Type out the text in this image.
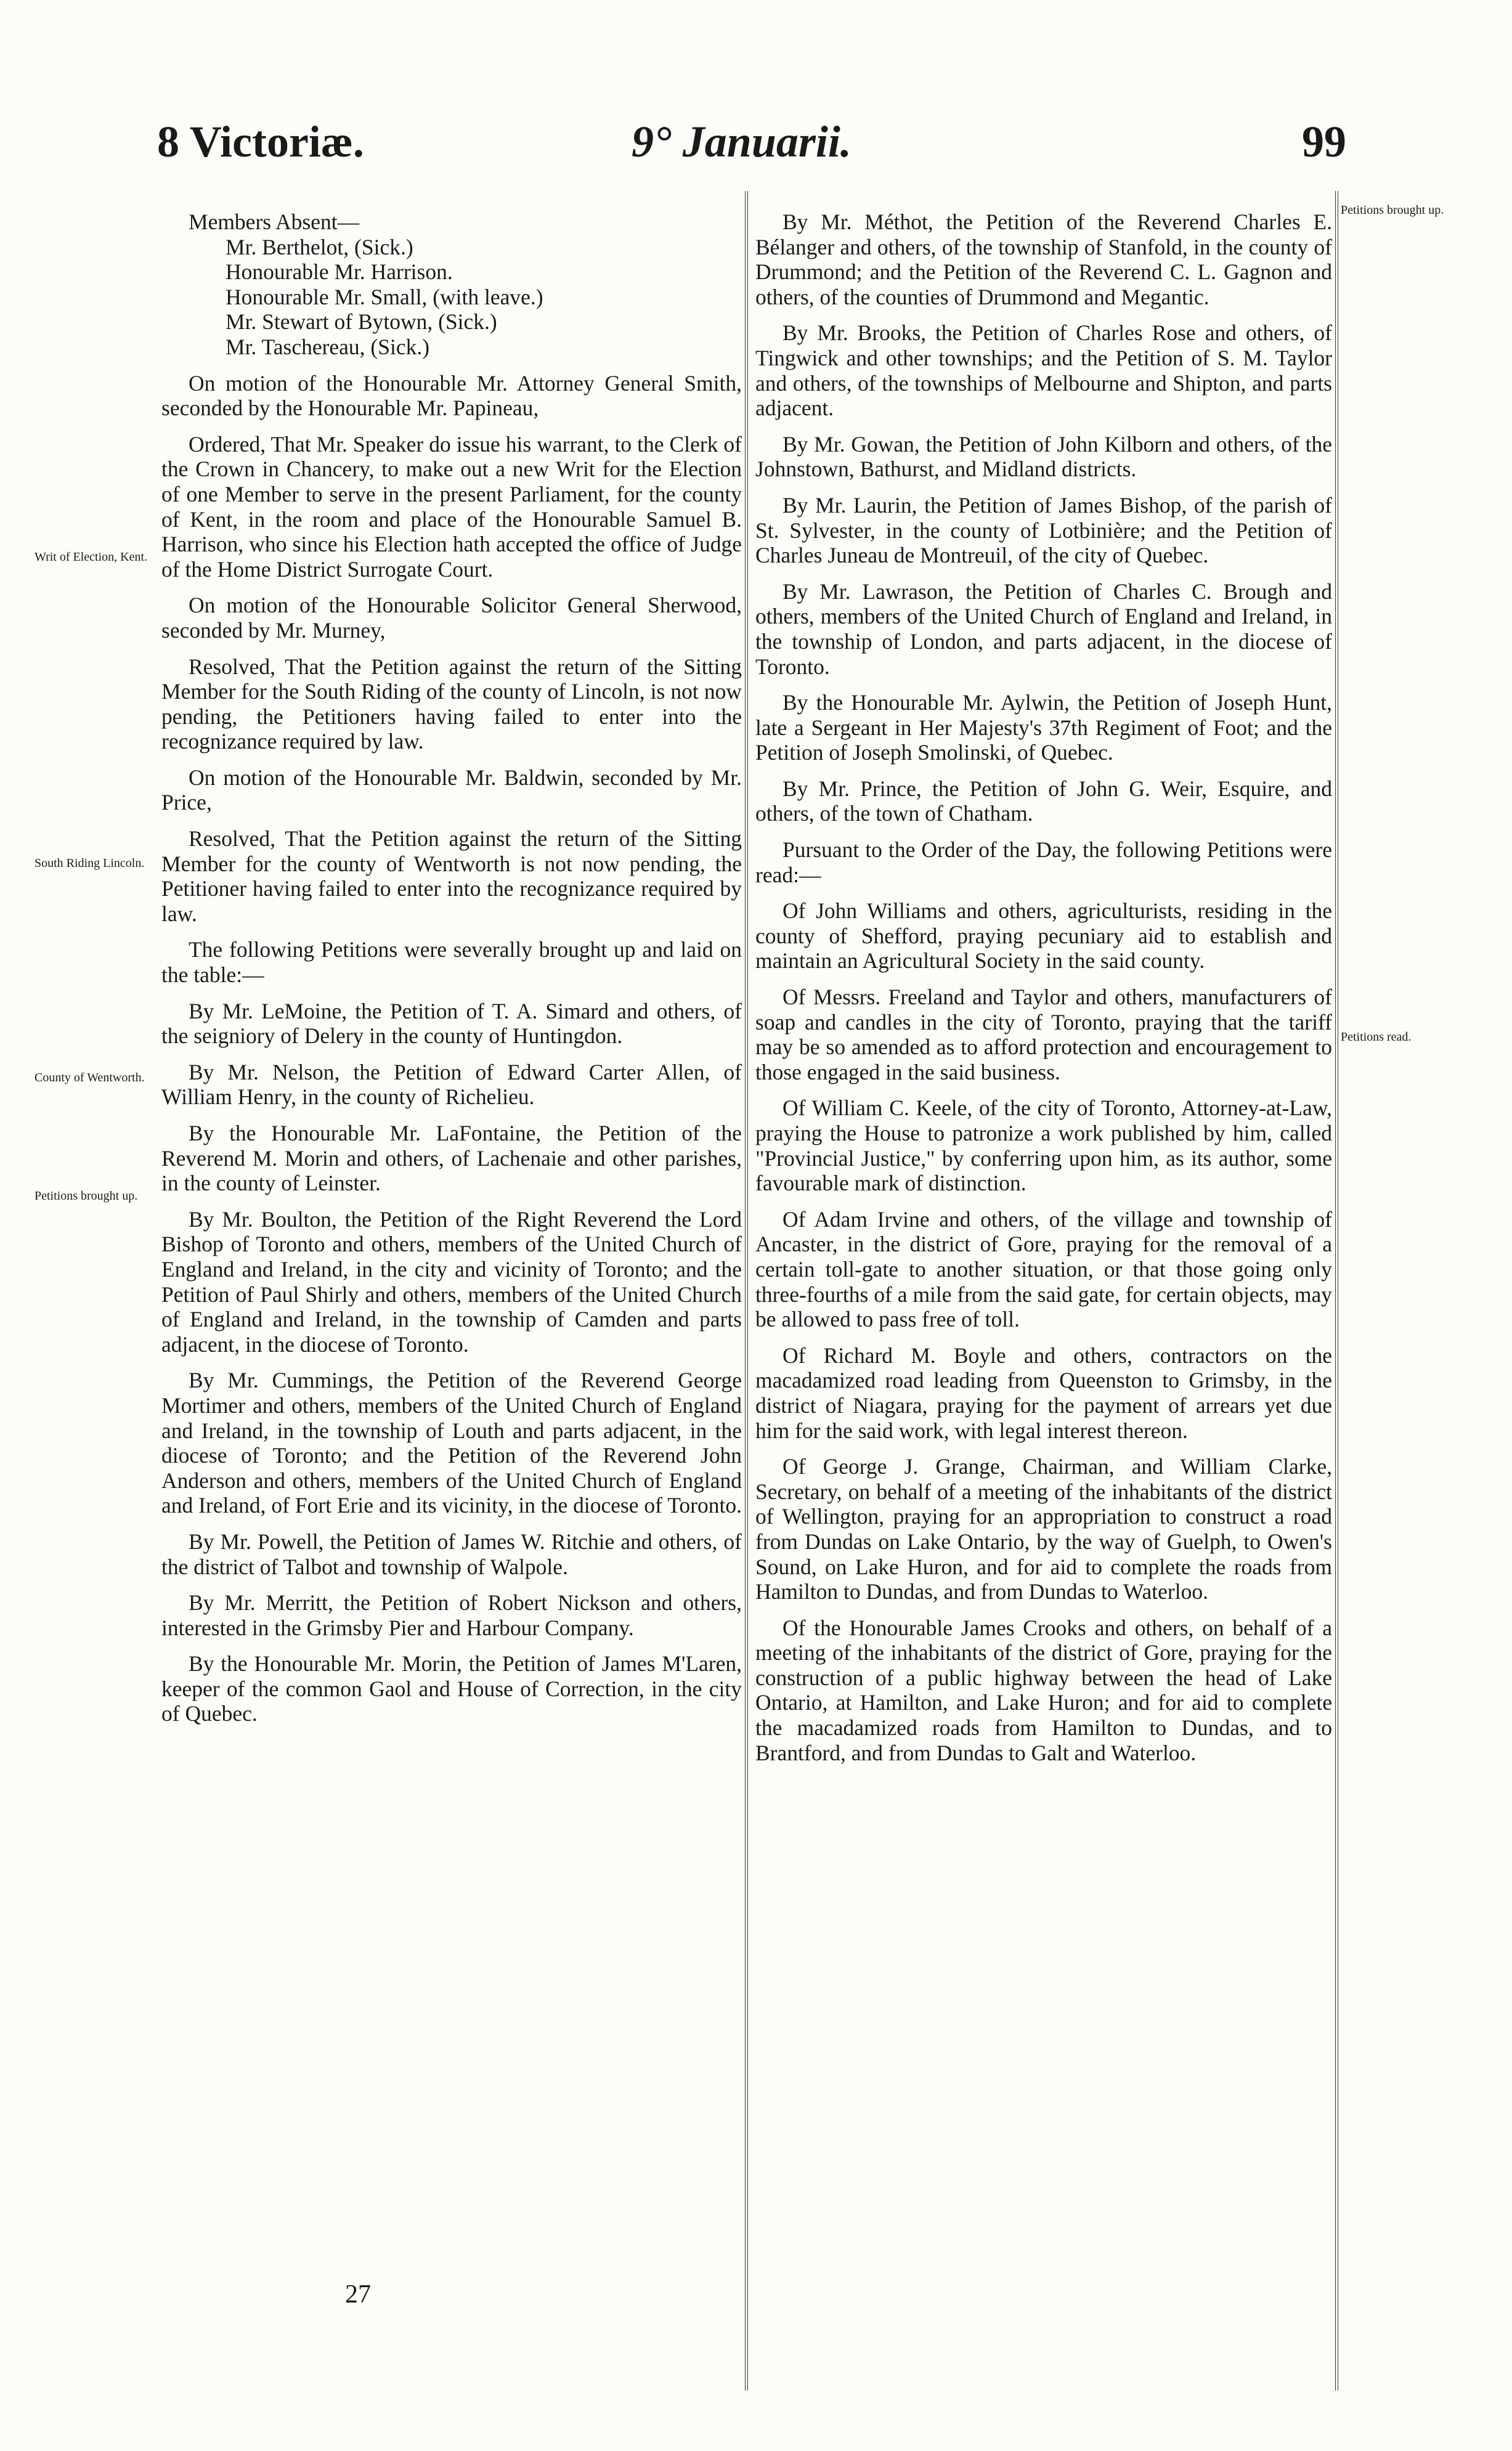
8 Victoriæ.	9° Januarii.	99
Writ of Election, Kent.
South Riding Lincoln.
County of Wentworth.
Petitions brought up.
Petitions brought up.
Petitions read.

Members Absent—

Mr. Berthelot, (Sick.)

Honourable Mr. Harrison.

Honourable Mr. Small, (with leave.)

Mr. Stewart of Bytown, (Sick.)

Mr. Taschereau, (Sick.)

On motion of the Honourable Mr. Attorney General Smith, seconded by the Honourable Mr. Papineau,

Ordered, That Mr. Speaker do issue his warrant, to the Clerk of the Crown in Chancery, to make out a new Writ for the Election of one Member to serve in the present Parliament, for the county of Kent, in the room and place of the Honourable Samuel B. Harrison, who since his Election hath accepted the office of Judge of the Home District Surrogate Court.

On motion of the Honourable Solicitor General Sherwood, seconded by Mr. Murney,

Resolved, That the Petition against the return of the Sitting Member for the South Riding of the county of Lincoln, is not now pending, the Petitioners having failed to enter into the recognizance required by law.

On motion of the Honourable Mr. Baldwin, seconded by Mr. Price,

Resolved, That the Petition against the return of the Sitting Member for the county of Wentworth is not now pending, the Petitioner having failed to enter into the recognizance required by law.

The following Petitions were severally brought up and laid on the table:—

By Mr. LeMoine, the Petition of T. A. Simard and others, of the seigniory of Delery in the county of Huntingdon.

By Mr. Nelson, the Petition of Edward Carter Allen, of William Henry, in the county of Richelieu.

By the Honourable Mr. LaFontaine, the Petition of the Reverend M. Morin and others, of Lachenaie and other parishes, in the county of Leinster.

By Mr. Boulton, the Petition of the Right Reverend the Lord Bishop of Toronto and others, members of the United Church of England and Ireland, in the city and vicinity of Toronto; and the Petition of Paul Shirly and others, members of the United Church of England and Ireland, in the township of Camden and parts adjacent, in the diocese of Toronto.

By Mr. Cummings, the Petition of the Reverend George Mortimer and others, members of the United Church of England and Ireland, in the township of Louth and parts adjacent, in the diocese of Toronto; and the Petition of the Reverend John Anderson and others, members of the United Church of England and Ireland, of Fort Erie and its vicinity, in the diocese of Toronto.

By Mr. Powell, the Petition of James W. Ritchie and others, of the district of Talbot and township of Walpole.

By Mr. Merritt, the Petition of Robert Nickson and others, interested in the Grimsby Pier and Harbour Company.

By the Honourable Mr. Morin, the Petition of James M'Laren, keeper of the common Gaol and House of Correction, in the city of Quebec.

By Mr. Méthot, the Petition of the Reverend Charles E. Bélanger and others, of the township of Stanfold, in the county of Drummond; and the Petition of the Reverend C. L. Gagnon and others, of the counties of Drummond and Megantic.

By Mr. Brooks, the Petition of Charles Rose and others, of Tingwick and other townships; and the Petition of S. M. Taylor and others, of the townships of Melbourne and Shipton, and parts adjacent.

By Mr. Gowan, the Petition of John Kilborn and others, of the Johnstown, Bathurst, and Midland districts.

By Mr. Laurin, the Petition of James Bishop, of the parish of St. Sylvester, in the county of Lotbinière; and the Petition of Charles Juneau de Montreuil, of the city of Quebec.

By Mr. Lawrason, the Petition of Charles C. Brough and others, members of the United Church of England and Ireland, in the township of London, and parts adjacent, in the diocese of Toronto.

By the Honourable Mr. Aylwin, the Petition of Joseph Hunt, late a Sergeant in Her Majesty's 37th Regiment of Foot; and the Petition of Joseph Smolinski, of Quebec.

By Mr. Prince, the Petition of John G. Weir, Esquire, and others, of the town of Chatham.

Pursuant to the Order of the Day, the following Petitions were read:—

Of John Williams and others, agriculturists, residing in the county of Shefford, praying pecuniary aid to establish and maintain an Agricultural Society in the said county.

Of Messrs. Freeland and Taylor and others, manufacturers of soap and candles in the city of Toronto, praying that the tariff may be so amended as to afford protection and encouragement to those engaged in the said business.

Of William C. Keele, of the city of Toronto, Attorney-at-Law, praying the House to patronize a work published by him, called "Provincial Justice," by conferring upon him, as its author, some favourable mark of distinction.

Of Adam Irvine and others, of the village and township of Ancaster, in the district of Gore, praying for the removal of a certain toll-gate to another situation, or that those going only three-fourths of a mile from the said gate, for certain objects, may be allowed to pass free of toll.

Of Richard M. Boyle and others, contractors on the macadamized road leading from Queenston to Grimsby, in the district of Niagara, praying for the payment of arrears yet due him for the said work, with legal interest thereon.

Of George J. Grange, Chairman, and William Clarke, Secretary, on behalf of a meeting of the inhabitants of the district of Wellington, praying for an appropriation to construct a road from Dundas on Lake Ontario, by the way of Guelph, to Owen's Sound, on Lake Huron, and for aid to complete the roads from Hamilton to Dundas, and from Dundas to Waterloo.

Of the Honourable James Crooks and others, on behalf of a meeting of the inhabitants of the district of Gore, praying for the construction of a public highway between the head of Lake Ontario, at Hamilton, and Lake Huron; and for aid to complete the macadamized roads from Hamilton to Dundas, and to Brantford, and from Dundas to Galt and Waterloo.

27
